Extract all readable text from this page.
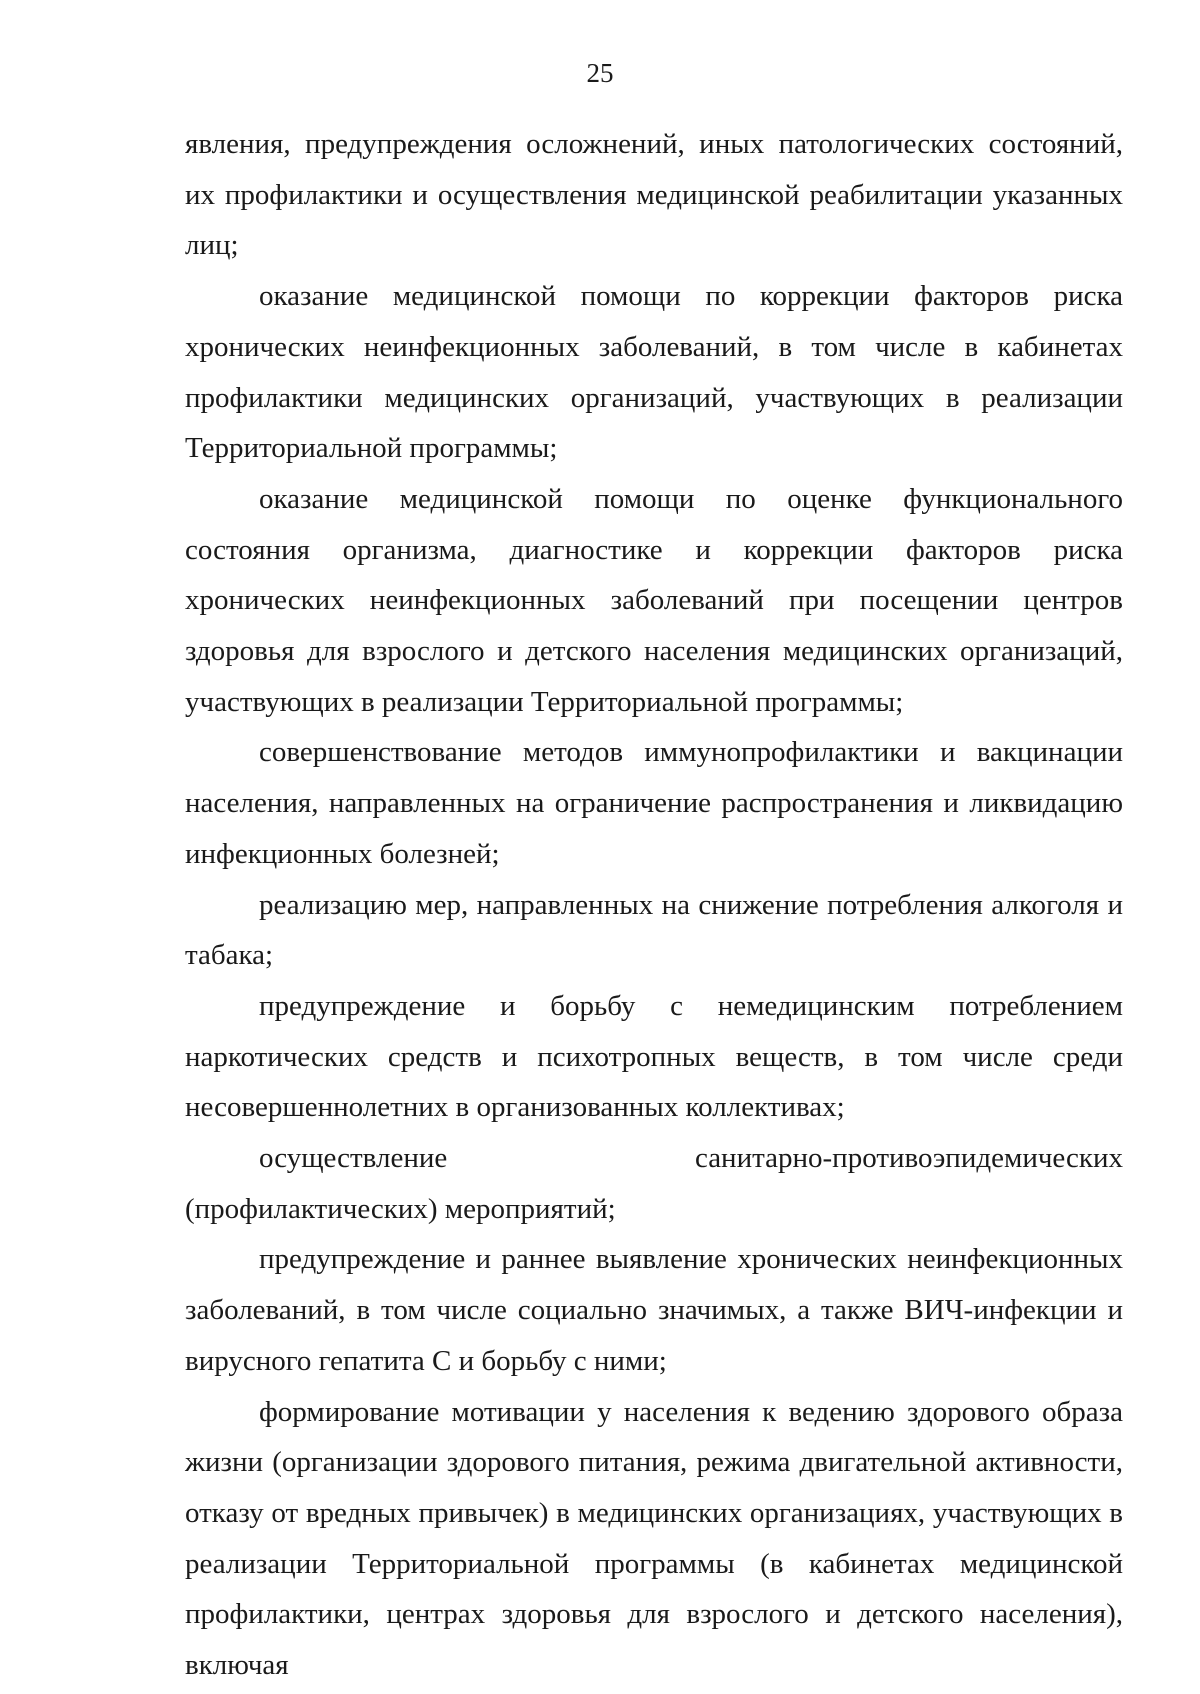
25

явления, предупреждения осложнений, иных патологических состояний, их профилактики и осуществления медицинской реабилитации указанных лиц;

оказание медицинской помощи по коррекции факторов риска хронических неинфекционных заболеваний, в том числе в кабинетах профилактики медицинских организаций, участвующих в реализации Территориальной программы;

оказание медицинской помощи по оценке функционального состояния организма, диагностике и коррекции факторов риска хронических неинфекционных заболеваний при посещении центров здоровья для взрослого и детского населения медицинских организаций, участвующих в реализации Территориальной программы;

совершенствование методов иммунопрофилактики и вакцинации населения, направленных на ограничение распространения и ликвидацию инфекционных болезней;

реализацию мер, направленных на снижение потребления алкоголя и табака;

предупреждение и борьбу с немедицинским потреблением наркотических средств и психотропных веществ, в том числе среди несовершеннолетних в организованных коллективах;

осуществление санитарно-противоэпидемических (профилактических) мероприятий;

предупреждение и раннее выявление хронических неинфекционных заболеваний, в том числе социально значимых, а также ВИЧ-инфекции и вирусного гепатита С и борьбу с ними;

формирование мотивации у населения к ведению здорового образа жизни (организации здорового питания, режима двигательной активности, отказу от вредных привычек) в медицинских организациях, участвующих в реализации Территориальной программы (в кабинетах медицинской профилактики, центрах здоровья для взрослого и детского населения), включая
